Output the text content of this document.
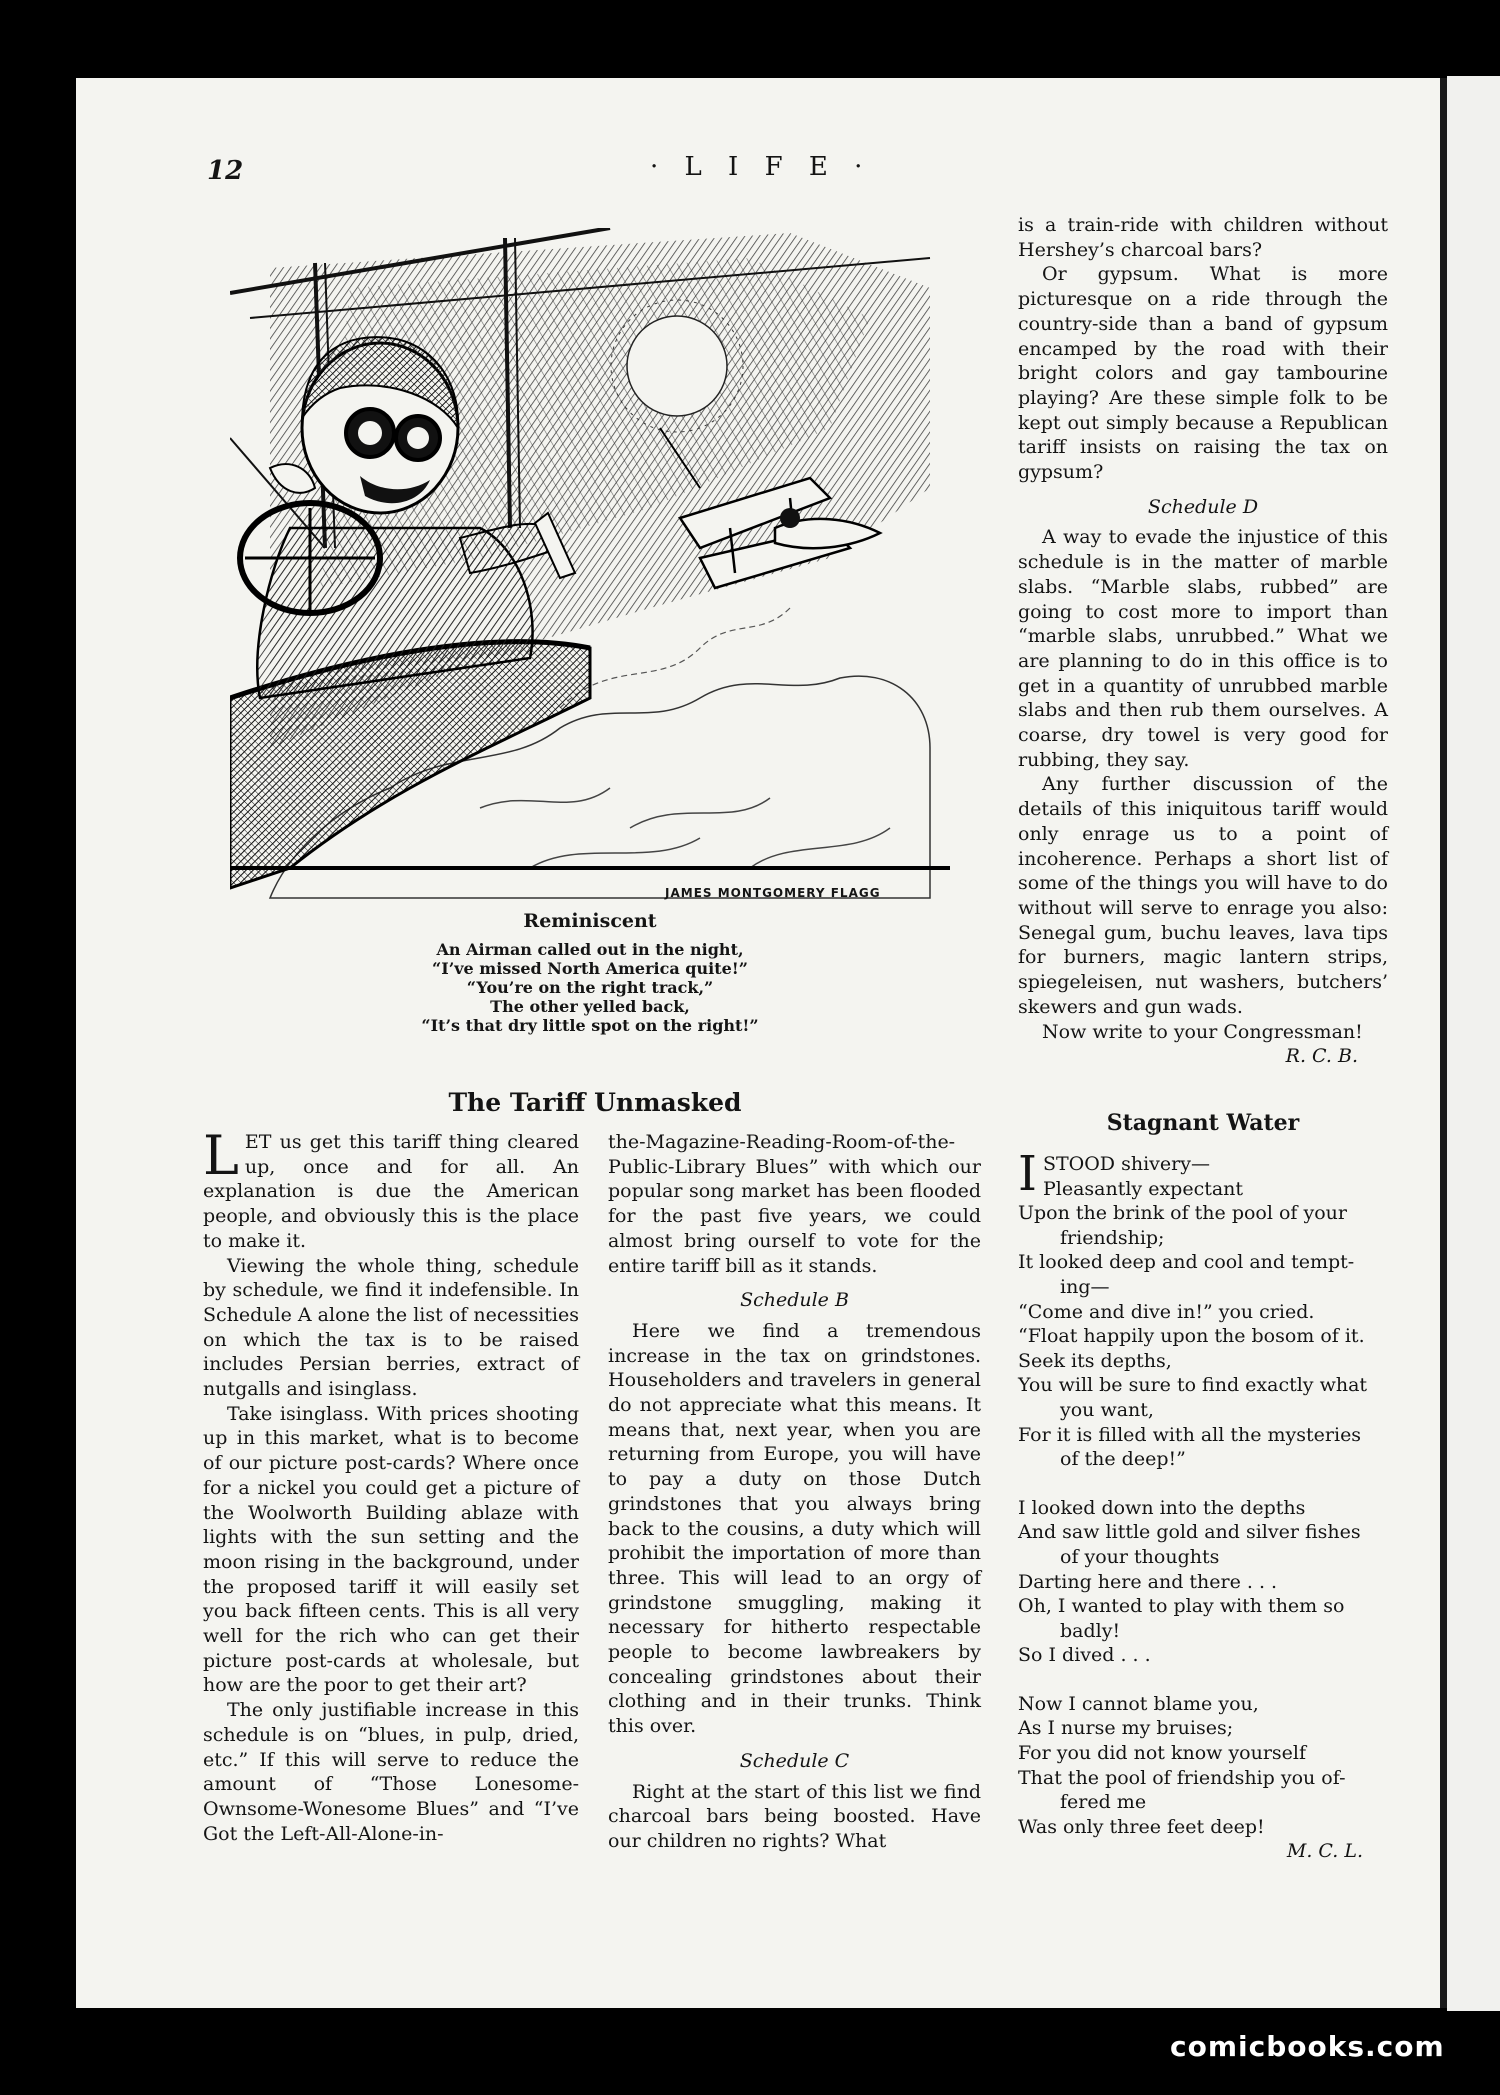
12	· L I F E ·
JAMES MONTGOMERY FLAGG
Reminiscent
An Airman called out in the night,
“I’ve missed North America quite!”
“You’re on the right track,”
The other yelled back,
“It’s that dry little spot on the right!”
The Tariff Unmasked

LET us get this tariff thing cleared up, once and for all. An explanation is due the American people, and obviously this is the place to make it.

Viewing the whole thing, schedule by schedule, we find it indefensible. In Schedule A alone the list of necessities on which the tax is to be raised includes Persian berries, extract of nutgalls and isinglass.

Take isinglass. With prices shooting up in this market, what is to become of our picture post-cards? Where once for a nickel you could get a picture of the Woolworth Building ablaze with lights with the sun setting and the moon rising in the background, under the proposed tariff it will easily set you back fifteen cents. This is all very well for the rich who can get their picture post-cards at wholesale, but how are the poor to get their art?

The only justifiable increase in this schedule is on “blues, in pulp, dried, etc.” If this will serve to reduce the amount of “Those Lonesome-Ownsome-Wonesome Blues” and “I’ve Got the Left-All-Alone-in-

the-Magazine-Reading-Room-of-the-Public-Library Blues” with which our popular song market has been flooded for the past five years, we could almost bring ourself to vote for the entire tariff bill as it stands.

Schedule B

Here we find a tremendous increase in the tax on grindstones. Householders and travelers in general do not appreciate what this means. It means that, next year, when you are returning from Europe, you will have to pay a duty on those Dutch grindstones that you always bring back to the cousins, a duty which will prohibit the importation of more than three. This will lead to an orgy of grindstone smuggling, making it necessary for hitherto respectable people to become lawbreakers by concealing grindstones about their clothing and in their trunks. Think this over.

Schedule C

Right at the start of this list we find charcoal bars being boosted. Have our children no rights? What

is a train-ride with children without Hershey’s charcoal bars?

Or gypsum. What is more picturesque on a ride through the country-side than a band of gypsum encamped by the road with their bright colors and gay tambourine playing? Are these simple folk to be kept out simply because a Republican tariff insists on raising the tax on gypsum?

Schedule D

A way to evade the injustice of this schedule is in the matter of marble slabs. “Marble slabs, rubbed” are going to cost more to import than “marble slabs, unrubbed.” What we are planning to do in this office is to get in a quantity of unrubbed marble slabs and then rub them ourselves. A coarse, dry towel is very good for rubbing, they say.

Any further discussion of the details of this iniquitous tariff would only enrage us to a point of incoherence. Perhaps a short list of some of the things you will have to do without will serve to enrage you also: Senegal gum, buchu leaves, lava tips for burners, magic lantern strips, spiegeleisen, nut washers, butchers’ skewers and gun wads.

Now write to your Congressman!

R. C. B.
Stagnant Water
ISTOOD shivery—
Pleasantly expectant
Upon the brink of the pool of your
friendship;
It looked deep and cool and tempt-
ing—
“Come and dive in!” you cried.
“Float happily upon the bosom of it.
Seek its depths,
You will be sure to find exactly what
you want,
For it is filled with all the mysteries
of the deep!”
I looked down into the depths
And saw little gold and silver fishes
of your thoughts
Darting here and there . . .
Oh, I wanted to play with them so
badly!
So I dived . . .
Now I cannot blame you,
As I nurse my bruises;
For you did not know yourself
That the pool of friendship you of-
fered me
Was only three feet deep!
M. C. L.
comicbooks.com
